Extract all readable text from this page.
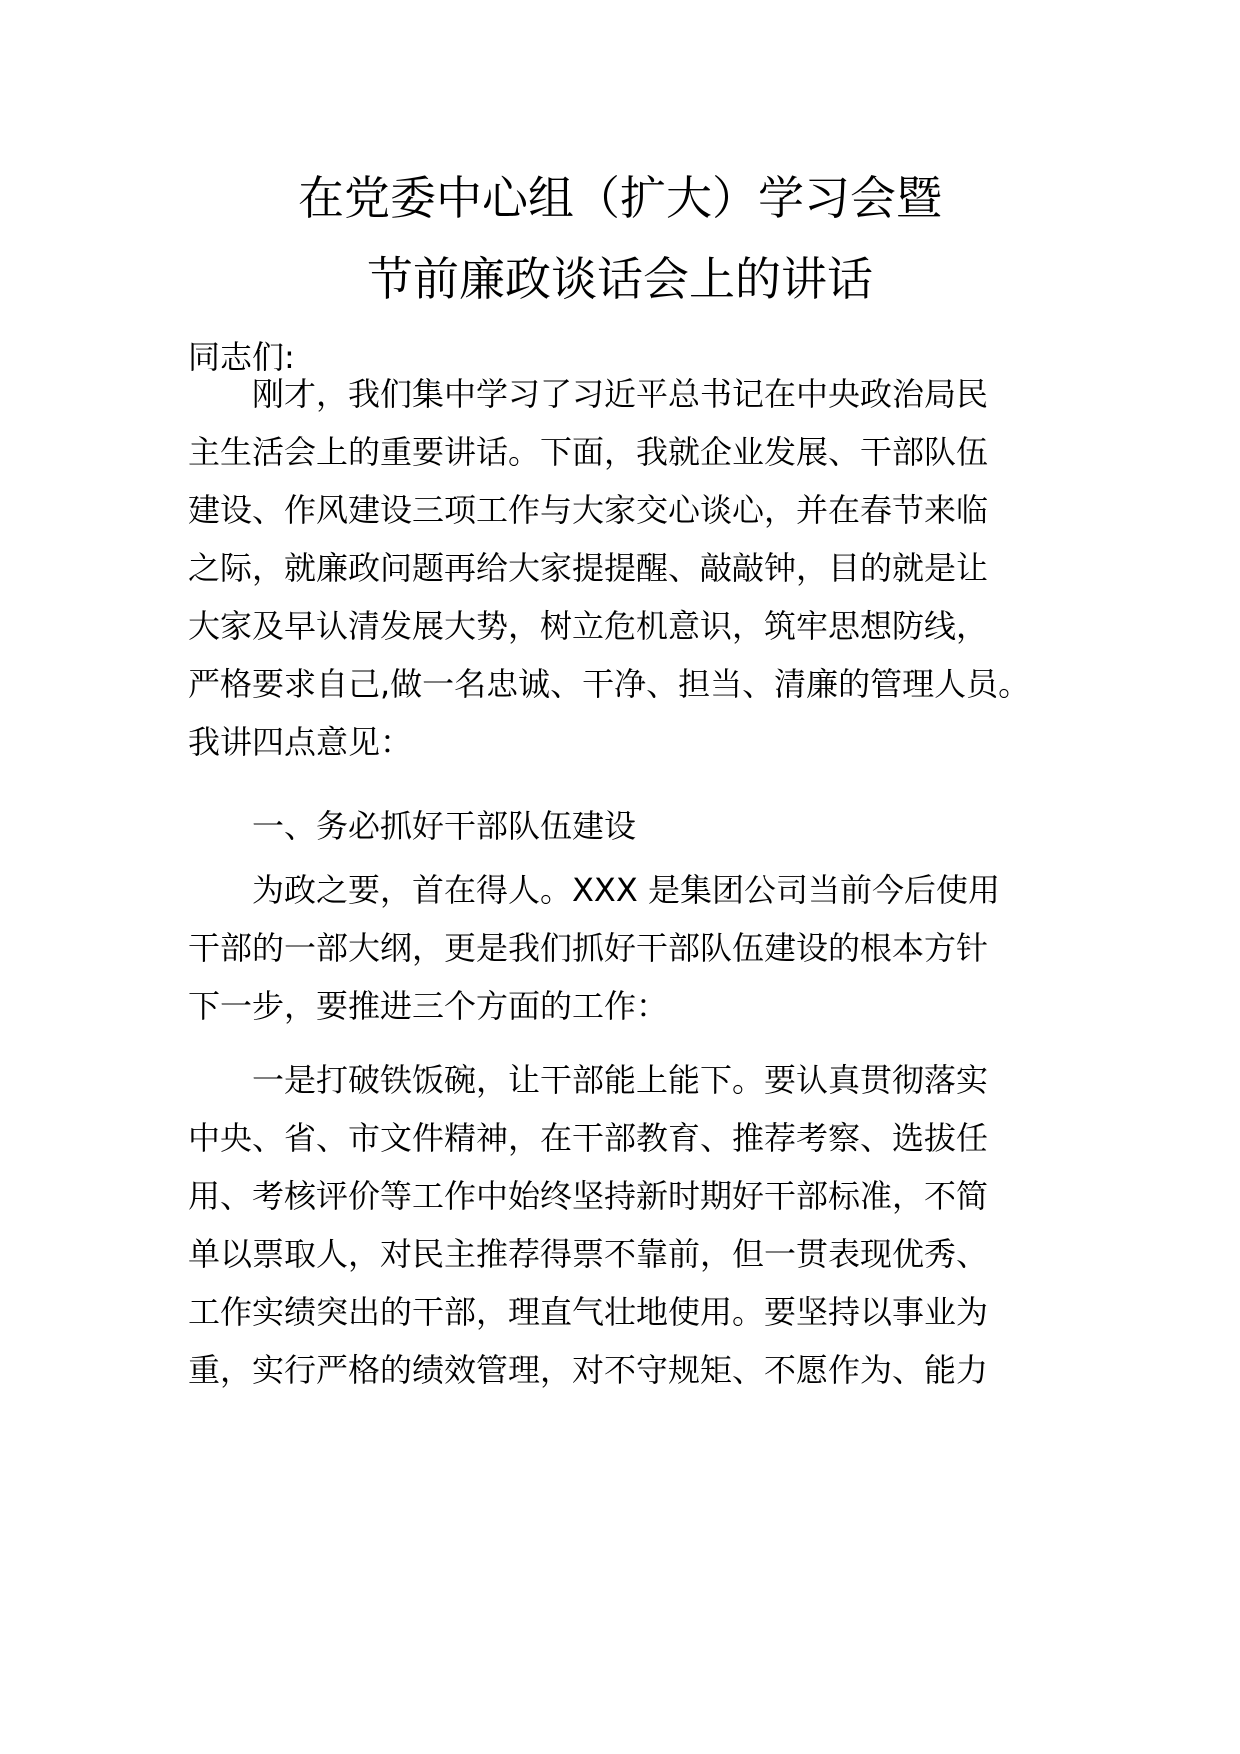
在党委中心组（扩大）学习会暨
节前廉政谈话会上的讲话

同志们:

刚才，我们集中学习了习近平总书记在中央政治局民

主生活会上的重要讲话。下面，我就企业发展、干部队伍

建设、作风建设三项工作与大家交心谈心，并在春节来临

之际，就廉政问题再给大家提提醒、敲敲钟，目的就是让

大家及早认清发展大势，树立危机意识，筑牢思想防线，

严格要求自己,做一名忠诚、干净、担当、清廉的管理人员。

我讲四点意见：

一、务必抓好干部队伍建设

为政之要，首在得人。XXX 是集团公司当前今后使用

干部的一部大纲，更是我们抓好干部队伍建设的根本方针

下一步，要推进三个方面的工作：

一是打破铁饭碗，让干部能上能下。要认真贯彻落实

中央、省、市文件精神，在干部教育、推荐考察、选拔任

用、考核评价等工作中始终坚持新时期好干部标准，不简

单以票取人，对民主推荐得票不靠前，但一贯表现优秀、

工作实绩突出的干部，理直气壮地使用。要坚持以事业为

重，实行严格的绩效管理，对不守规矩、不愿作为、能力
